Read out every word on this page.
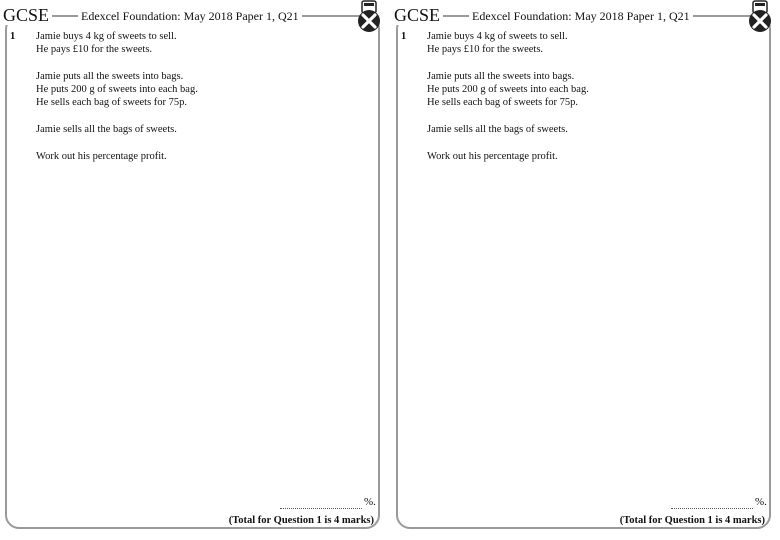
GCSE	Edexcel Foundation: May 2018 Paper 1, Q21
1 Jamie buys 4 kg of sweets to sell.
He pays £10 for the sweets.

Jamie puts all the sweets into bags.
He puts 200 g of sweets into each bag.
He sells each bag of sweets for 75p.

Jamie sells all the bags of sweets.

Work out his percentage profit.

%.
(Total for Question 1 is 4 marks)
GCSE	Edexcel Foundation: May 2018 Paper 1, Q21
1 Jamie buys 4 kg of sweets to sell.
He pays £10 for the sweets.

Jamie puts all the sweets into bags.
He puts 200 g of sweets into each bag.
He sells each bag of sweets for 75p.

Jamie sells all the bags of sweets.

Work out his percentage profit.

%.
(Total for Question 1 is 4 marks)
